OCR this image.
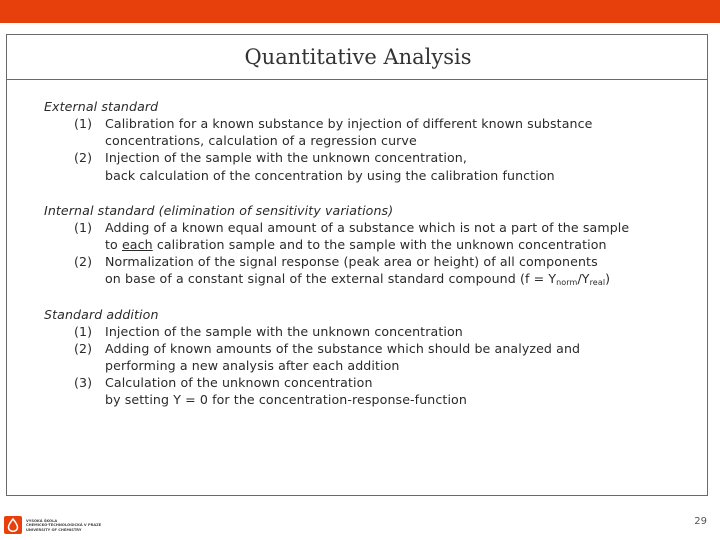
Quantitative Analysis
External standard
(1) Calibration for a known substance by injection of different known substance
concentrations, calculation of a regression curve
(2) Injection of the sample with the unknown concentration,
back calculation of the concentration by using the calibration function
Internal standard (elimination of sensitivity variations)
(1) Adding of a known equal amount of a substance which is not a part of the sample
to each calibration sample and to the sample with the unknown concentration
(2) Normalization of the signal response (peak area or height) of all components
on base of a constant signal of the external standard compound $(f = Y_{norm}/Y_{real})$
Standard addition
(1) Injection of the sample with the unknown concentration
(2) Adding of known amounts of the substance which should be analyzed and
performing a new analysis after each addition
(3) Calculation of the unknown concentration
by setting Y = 0 for the concentration-response-function
VYSOKÁ ŠKOLA
CHEMICKO-TECHNOLOGICKÁ V PRAZE
UNIVERSITY OF CHEMISTRY
29
